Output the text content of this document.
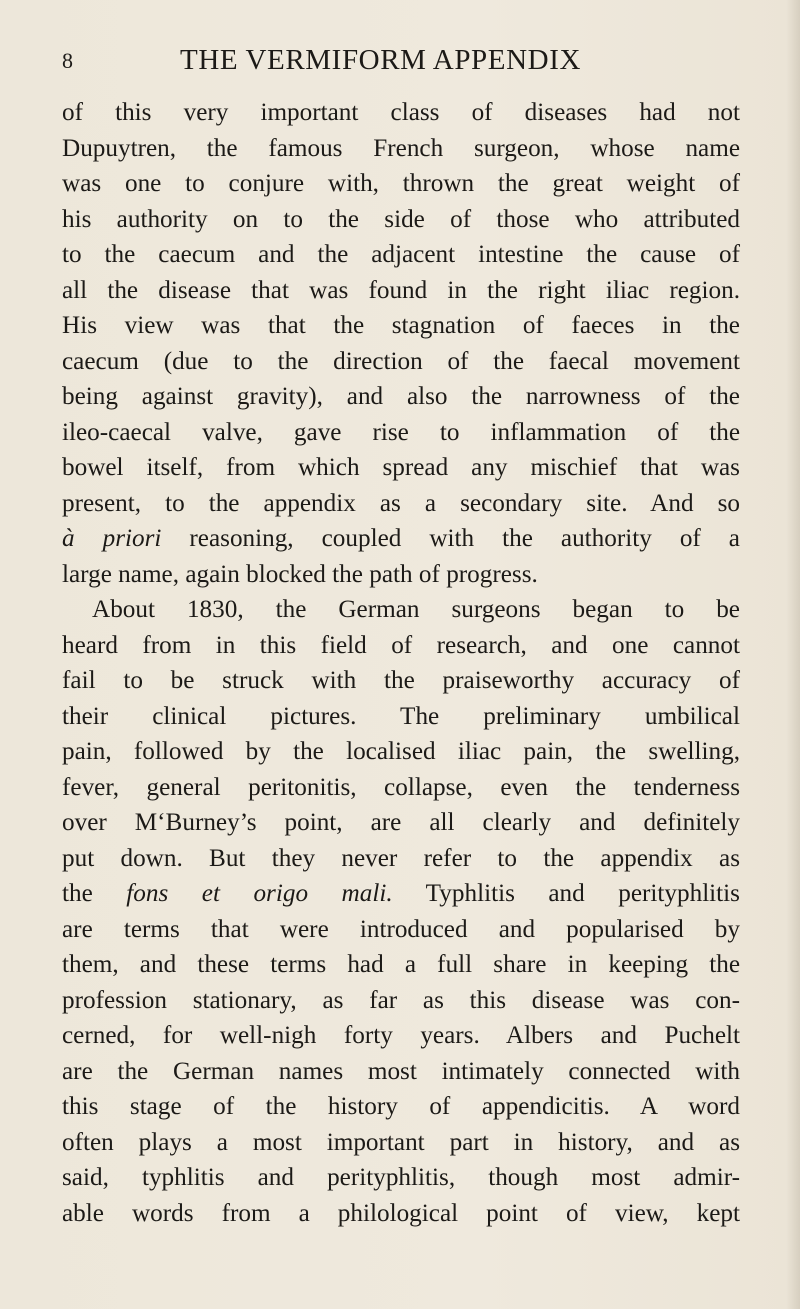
8	THE VERMIFORM APPENDIX
of this very important class of diseases had not
Dupuytren, the famous French surgeon, whose name
was one to conjure with, thrown the great weight of
his authority on to the side of those who attributed
to the caecum and the adjacent intestine the cause of
all the disease that was found in the right iliac region.
His view was that the stagnation of faeces in the
caecum (due to the direction of the faecal movement
being against gravity), and also the narrowness of the
ileo-caecal valve, gave rise to inflammation of the
bowel itself, from which spread any mischief that was
present, to the appendix as a secondary site. And so
à priori reasoning, coupled with the authority of a
large name, again blocked the path of progress.
About 1830, the German surgeons began to be
heard from in this field of research, and one cannot
fail to be struck with the praiseworthy accuracy of
their clinical pictures. The preliminary umbilical
pain, followed by the localised iliac pain, the swelling,
fever, general peritonitis, collapse, even the tenderness
over M‘Burney’s point, are all clearly and definitely
put down. But they never refer to the appendix as
the fons et origo mali. Typhlitis and perityphlitis
are terms that were introduced and popularised by
them, and these terms had a full share in keeping the
profession stationary, as far as this disease was con-
cerned, for well-nigh forty years. Albers and Puchelt
are the German names most intimately connected with
this stage of the history of appendicitis. A word
often plays a most important part in history, and as
said, typhlitis and perityphlitis, though most admir-
able words from a philological point of view, kept
